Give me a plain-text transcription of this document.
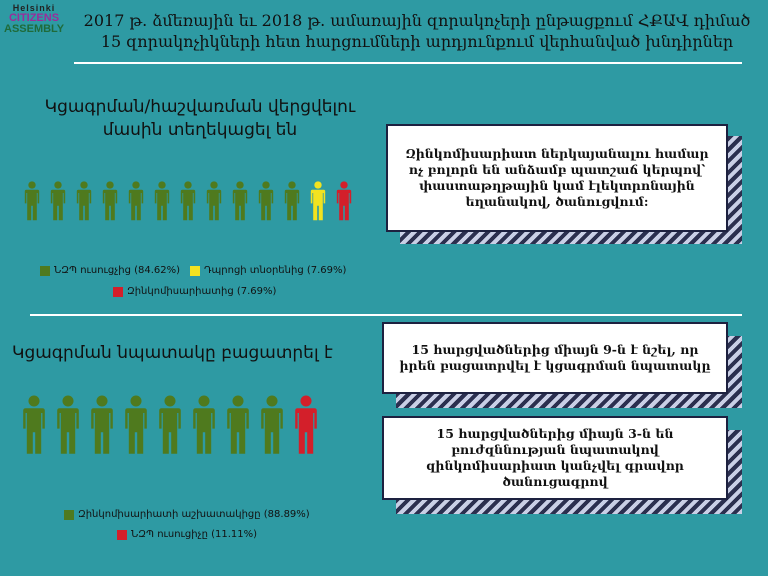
Helsinki
CITIZENS
ASSEMBLY	2017 թ. ձմեռային եւ 2018 թ. ամառային զորակոչերի ընթացքում ՀՔԱՎ դիմած 15 զորակոչիկների հետ հարցումների արդյունքում վերհանված խնդիրներ
Կցագրման/հաշվառման վերցվելու մասին տեղեկացել են
ՆԶՊ ուսուցչից (84.62%) Դպրոցի տնօրենից (7.69%)
Զինկոմիսարիատից (7.69%)
Զինկոմիսարիատ ներկայանալու համար ոչ բոլորն են անձամբ պատշաճ կերպով՝ փաստաթղթային կամ էլեկտրոնային եղանակով, ծանուցվում:
Կցագրման նպատակը բացատրել է
Զինկոմիսարիատի աշխատակիցը (88.89%)
ՆԶՊ ուսուցիչը (11.11%)
15 հարցվածներից միայն 9-ն է նշել, որ իրեն բացատրվել է կցագրման նպատակը
15 հարցվածներից միայն 3-ն են բուժզննության նպատակով զինկոմիսարիատ կանչվել գրավոր ծանուցագրով
